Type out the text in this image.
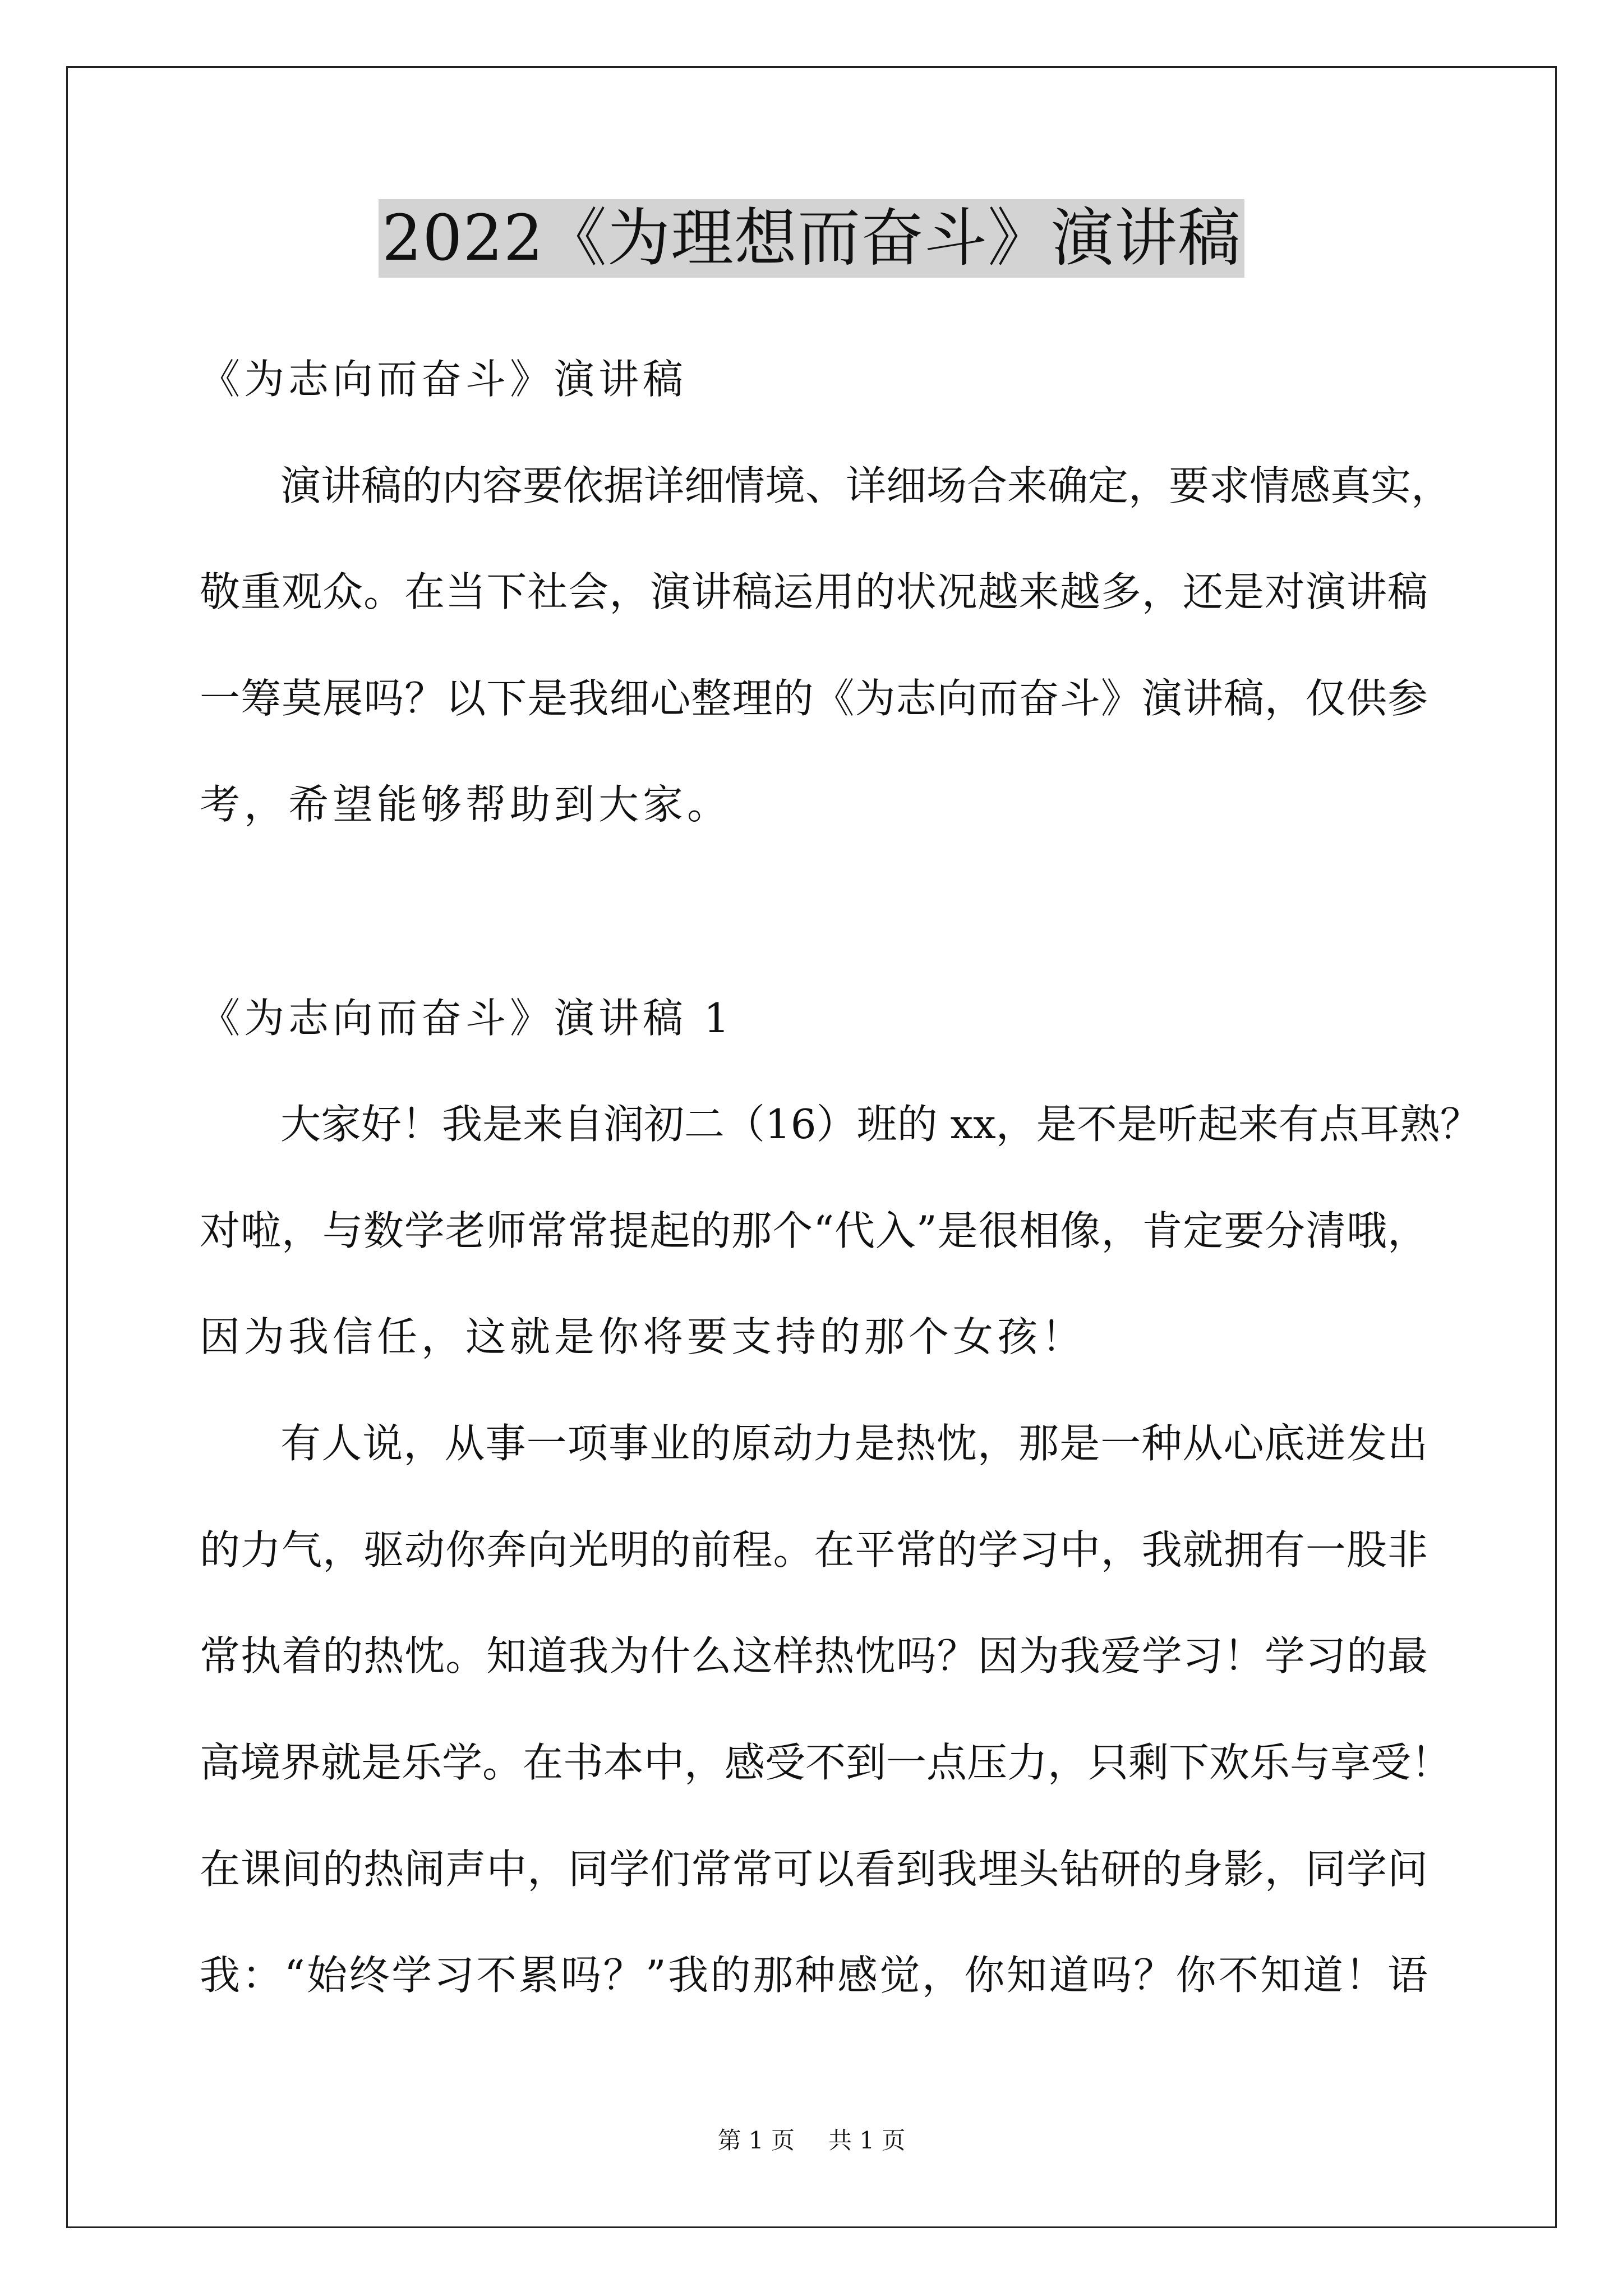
2022《为理想而奋斗》演讲稿
《为志向而奋斗》演讲稿
演讲稿的内容要依据详细情境、详细场合来确定，要求情感真实，
敬重观众。在当下社会，演讲稿运用的状况越来越多，还是对演讲稿
一筹莫展吗？以下是我细心整理的《为志向而奋斗》演讲稿，仅供参
考，希望能够帮助到大家。
《为志向而奋斗》演讲稿 1
大家好！我是来自润初二（16）班的 xx，是不是听起来有点耳熟？
对啦，与数学老师常常提起的那个“代入”是很相像，肯定要分清哦，
因为我信任，这就是你将要支持的那个女孩！
有人说，从事一项事业的原动力是热忱，那是一种从心底迸发出
的力气，驱动你奔向光明的前程。在平常的学习中，我就拥有一股非
常执着的热忱。知道我为什么这样热忱吗？因为我爱学习！学习的最
高境界就是乐学。在书本中，感受不到一点压力，只剩下欢乐与享受！
在课间的热闹声中，同学们常常可以看到我埋头钻研的身影，同学问
我：“始终学习不累吗？”我的那种感觉，你知道吗？你不知道！语
第 1 页 共 1 页
